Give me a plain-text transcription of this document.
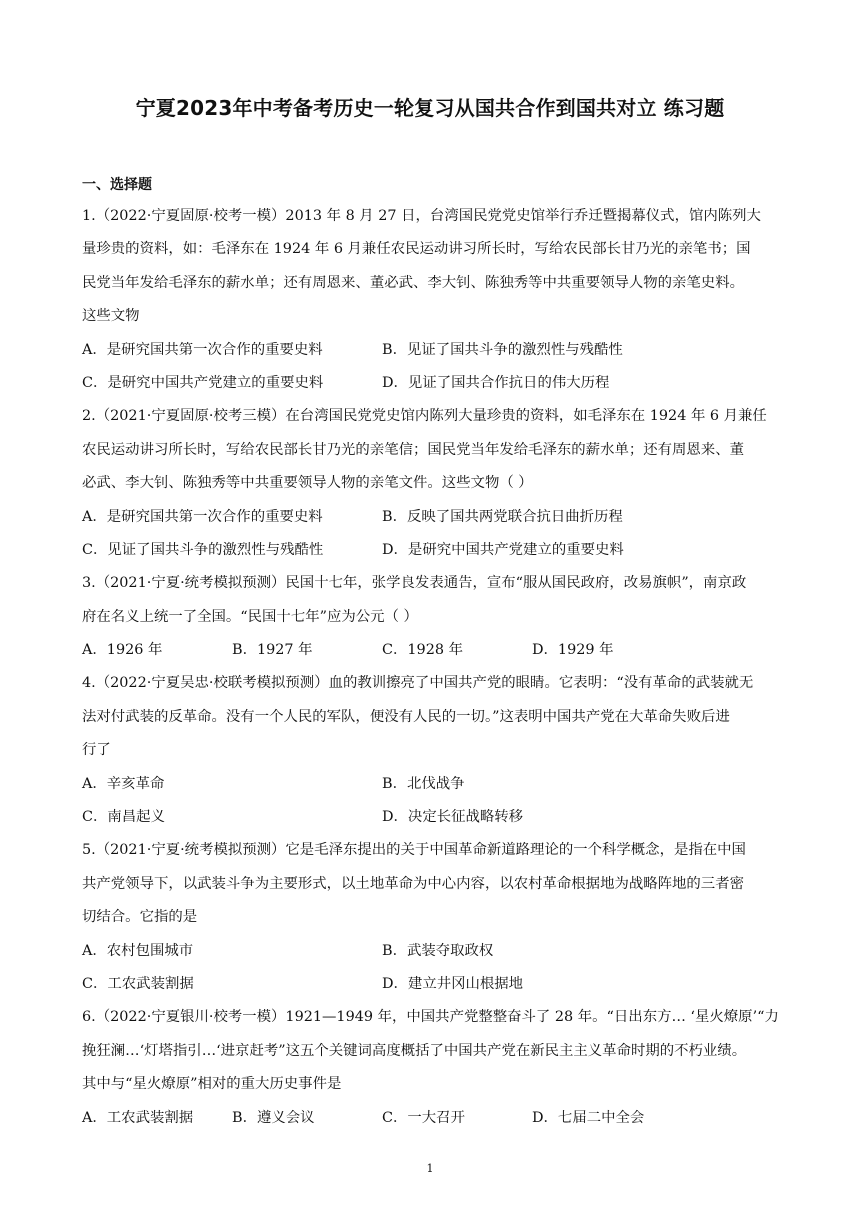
宁夏2023年中考备考历史一轮复习从国共合作到国共对立 练习题
一、选择题
1.（2022·宁夏固原·校考一模）2013 年 8 月 27 日，台湾国民党党史馆举行乔迁暨揭幕仪式，馆内陈列大
量珍贵的资料，如：毛泽东在 1924 年 6 月兼任农民运动讲习所长时，写给农民部长甘乃光的亲笔书；国
民党当年发给毛泽东的薪水单；还有周恩来、董必武、李大钊、陈独秀等中共重要领导人物的亲笔史料。
这些文物
A．是研究国共第一次合作的重要史料	B．见证了国共斗争的激烈性与残酷性
C．是研究中国共产党建立的重要史料	D．见证了国共合作抗日的伟大历程
2.（2021·宁夏固原·校考三模）在台湾国民党党史馆内陈列大量珍贵的资料，如毛泽东在 1924 年 6 月兼任
农民运动讲习所长时，写给农民部长甘乃光的亲笔信；国民党当年发给毛泽东的薪水单；还有周恩来、董
必武、李大钊、陈独秀等中共重要领导人物的亲笔文件。这些文物（ ）
A．是研究国共第一次合作的重要史料	B．反映了国共两党联合抗日曲折历程
C．见证了国共斗争的激烈性与残酷性	D．是研究中国共产党建立的重要史料
3.（2021·宁夏·统考模拟预测）民国十七年，张学良发表通告，宣布“服从国民政府，改易旗帜”，南京政
府在名义上统一了全国。“民国十七年”应为公元（ ）
A．1926 年	B．1927 年	C．1928 年	D．1929 年
4.（2022·宁夏吴忠·校联考模拟预测）血的教训擦亮了中国共产党的眼睛。它表明：“没有革命的武装就无
法对付武装的反革命。没有一个人民的军队，便没有人民的一切。”这表明中国共产党在大革命失败后进
行了
A．辛亥革命	B．北伐战争
C．南昌起义	D．决定长征战略转移
5.（2021·宁夏·统考模拟预测）它是毛泽东提出的关于中国革命新道路理论的一个科学概念，是指在中国
共产党领导下，以武装斗争为主要形式，以土地革命为中心内容，以农村革命根据地为战略阵地的三者密
切结合。它指的是
A．农村包围城市	B．武装夺取政权
C．工农武装割据	D．建立井冈山根据地
6.（2022·宁夏银川·校考一模）1921—1949 年，中国共产党整整奋斗了 28 年。“日出东方… ‘星火燎原’“力
挽狂澜…‘灯塔指引…‘进京赶考”这五个关键词高度概括了中国共产党在新民主主义革命时期的不朽业绩。
其中与“星火燎原”相对的重大历史事件是
A．工农武装割据	B．遵义会议	C．一大召开	D．七届二中全会
1
